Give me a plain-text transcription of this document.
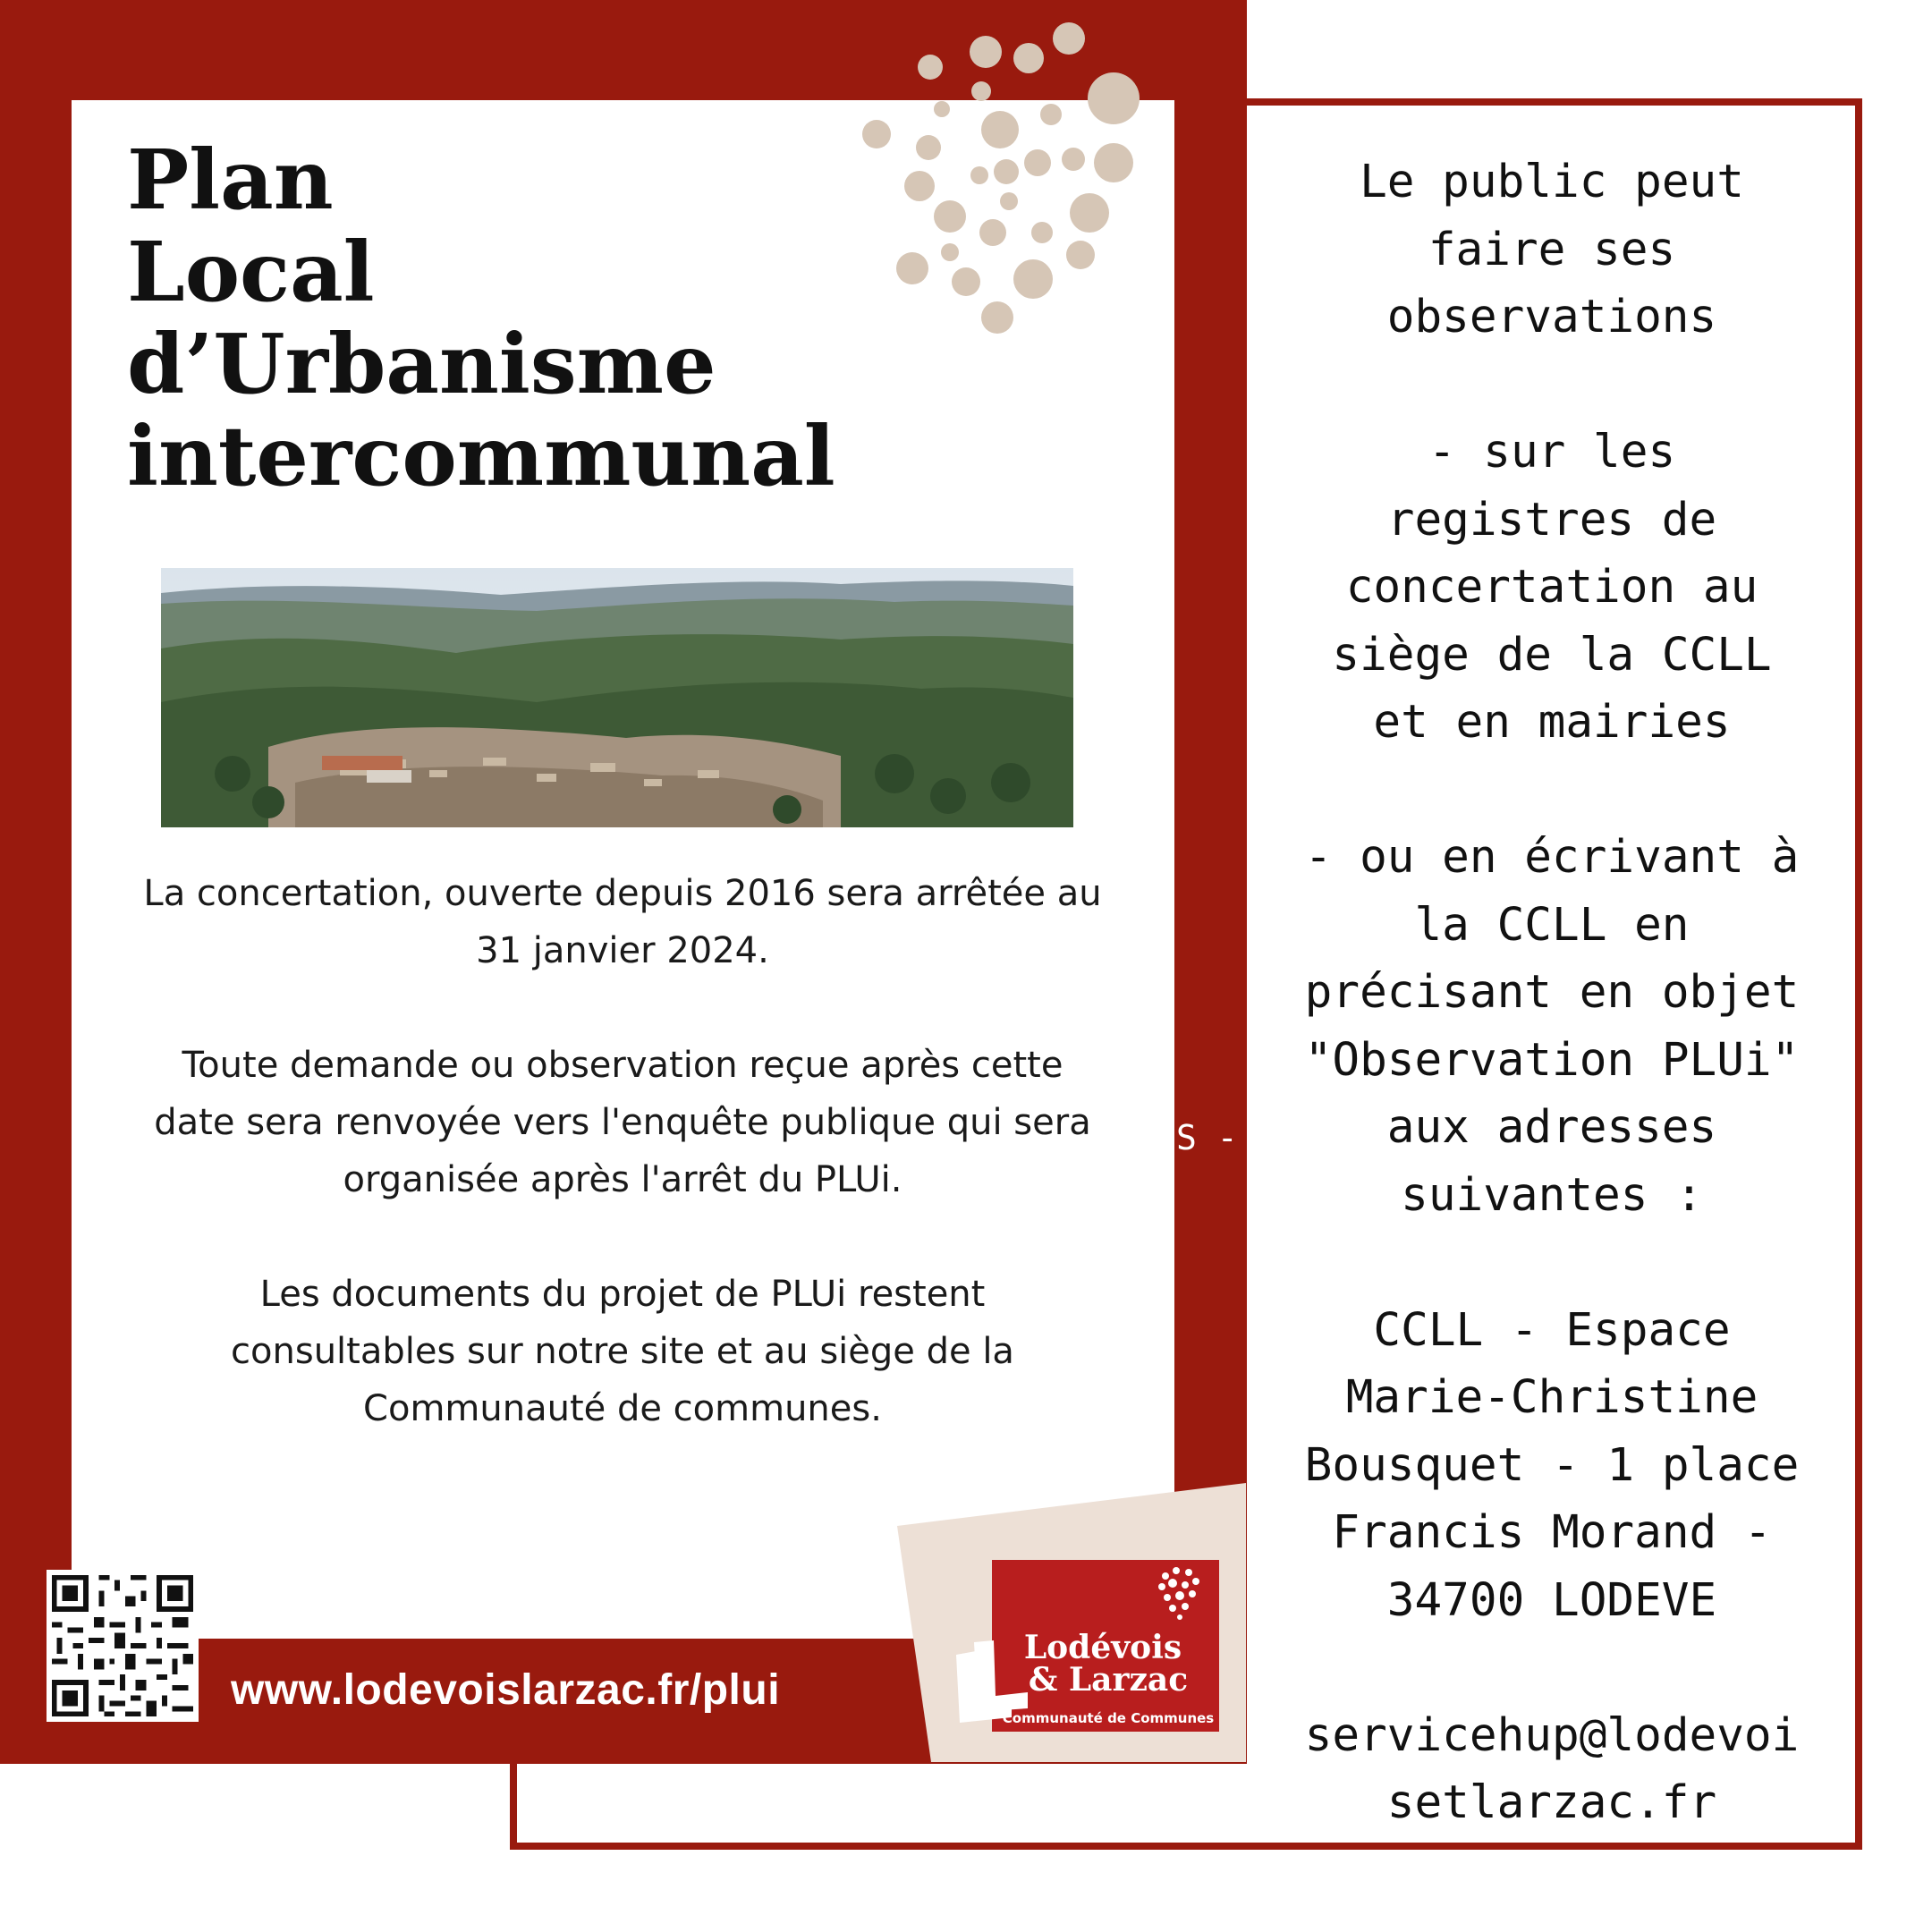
Plan
Local
d’Urbanisme
intercommunal

La concertation, ouverte depuis 2016 sera arrêtée au 31 janvier 2024.

Toute demande ou observation reçue après cette date sera renvoyée vers l'enquête publique qui sera organisée après l'arrêt du PLUi.

Les documents du projet de PLUi restent consultables sur notre site et au siège de la Communauté de communes.

S -
www.lodevoislarzac.fr/plui
Lodévois
& Larzac
Communauté de Communes
Le public peut
faire ses
observations

- sur les
registres de
concertation au
siège de la CCLL
et en mairies

- ou en écrivant à
la CCLL en
précisant en objet
"Observation PLUi"
aux adresses
suivantes :

CCLL - Espace
Marie-Christine
Bousquet - 1 place
Francis Morand -
34700 LODEVE

servicehup@lodevoi
setlarzac.fr
